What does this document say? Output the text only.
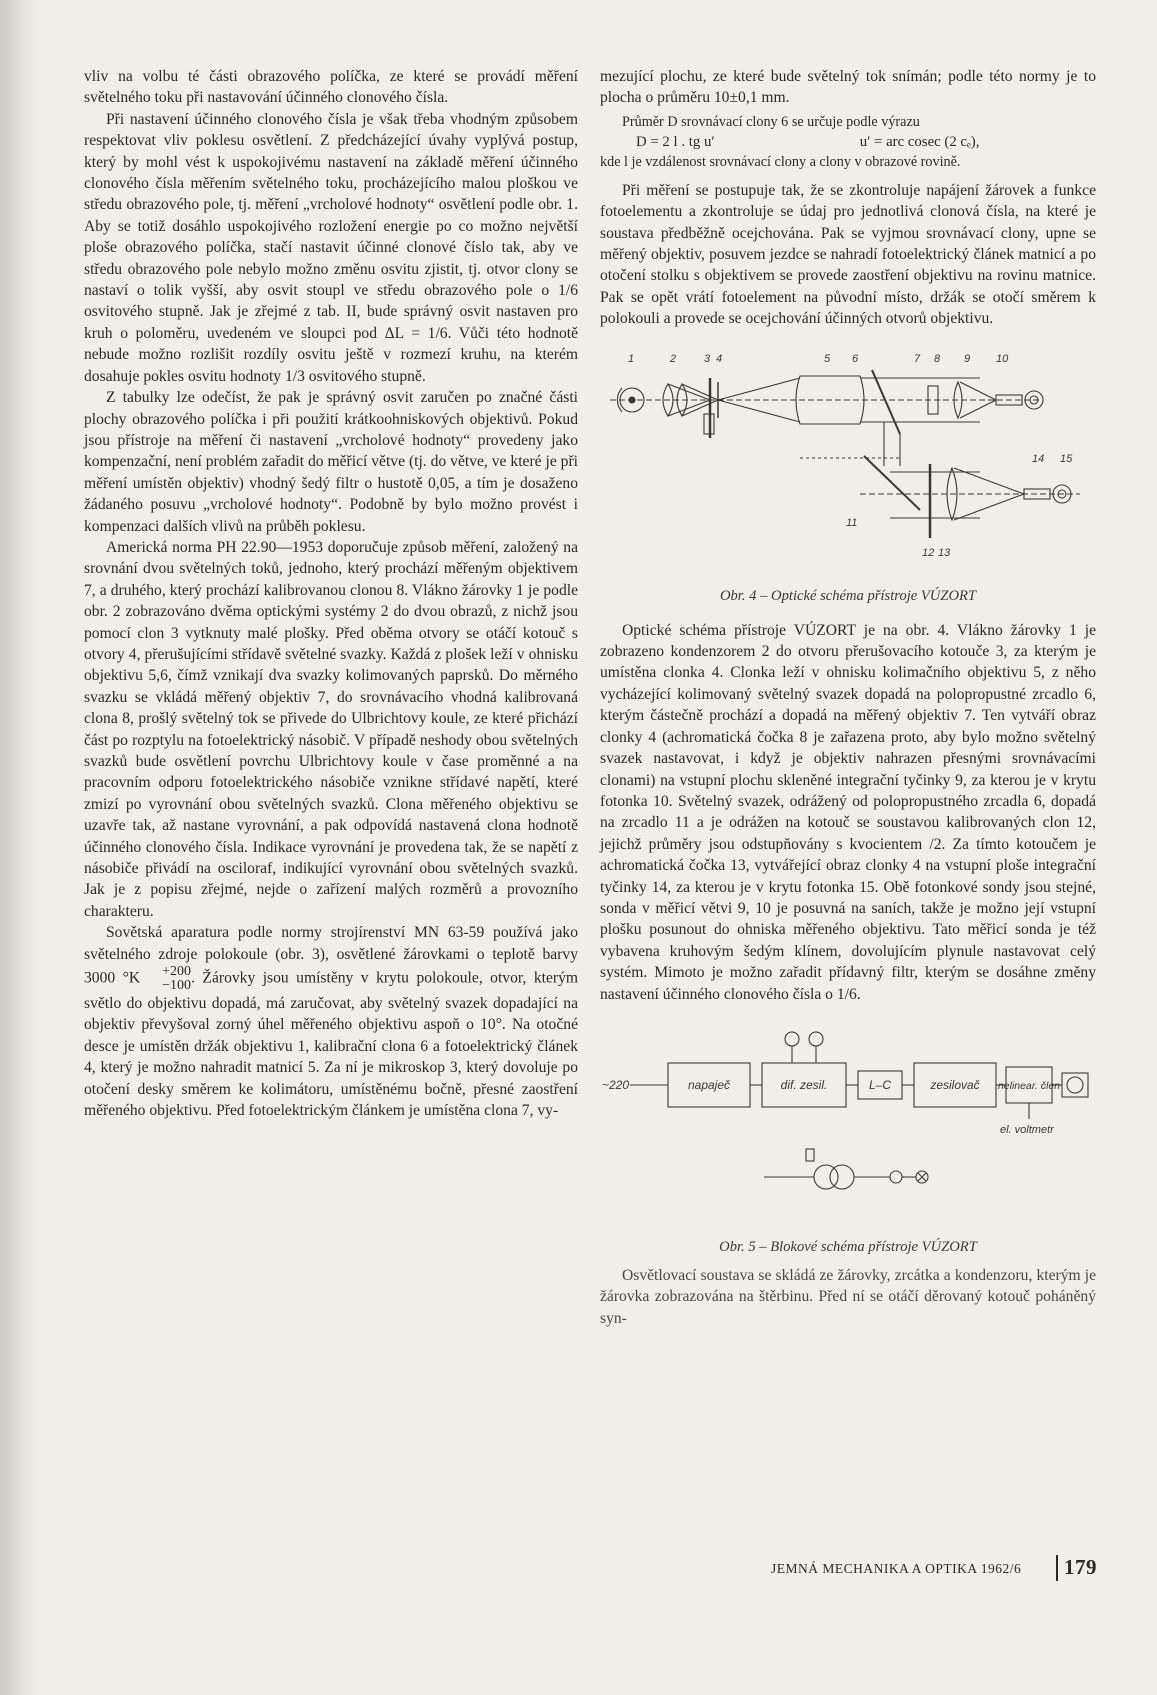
vliv na volbu té části obrazového políčka, ze které se provádí měření světelného toku při nastavování účinného clonového čísla.

Při nastavení účinného clonového čísla je však třeba vhodným způsobem respektovat vliv poklesu osvětlení. Z předcházející úvahy vyplývá postup, který by mohl vést k uspokojivému nastavení na základě měření účinného clonového čísla měřením světelného toku, procházejícího malou ploškou ve středu obrazového pole, tj. měření „vrcholové hodnoty“ osvětlení podle obr. 1. Aby se totiž dosáhlo uspokojivého rozložení energie po co možno největší ploše obrazového políčka, stačí nastavit účinné clonové číslo tak, aby ve středu obrazového pole nebylo možno změnu osvitu zjistit, tj. otvor clony se nastaví o tolik vyšší, aby osvit stoupl ve středu obrazového pole o 1/6 osvitového stupně. Jak je zřejmé z tab. II, bude správný osvit nastaven pro kruh o poloměru, uvedeném ve sloupci pod ΔL = 1/6. Vůči této hodnotě nebude možno rozlišit rozdíly osvitu ještě v rozmezí kruhu, na kterém dosahuje pokles osvitu hodnoty 1/3 osvitového stupně.

Z tabulky lze odečíst, že pak je správný osvit zaručen po značné části plochy obrazového políčka i při použití krátkoohniskových objektivů. Pokud jsou přístroje na měření či nastavení „vrcholové hodnoty“ provedeny jako kompenzační, není problém zařadit do měřicí větve (tj. do větve, ve které je při měření umístěn objektiv) vhodný šedý filtr o hustotě 0,05, a tím je dosaženo žádaného posuvu „vrcholové hodnoty“. Podobně by bylo možno provést i kompenzaci dalších vlivů na průběh poklesu.

Americká norma PH 22.90—1953 doporučuje způsob měření, založený na srovnání dvou světelných toků, jednoho, který prochází měřeným objektivem 7, a druhého, který prochází kalibrovanou clonou 8. Vlákno žárovky 1 je podle obr. 2 zobrazováno dvěma optickými systémy 2 do dvou obrazů, z nichž jsou pomocí clon 3 vytknuty malé plošky. Před oběma otvory se otáčí kotouč s otvory 4, přerušujícími střídavě světelné svazky. Každá z plošek leží v ohnisku objektivu 5,6, čímž vznikají dva svazky kolimovaných paprsků. Do měrného svazku se vkládá měřený objektiv 7, do srovnávacího vhodná kalibrovaná clona 8, prošlý světelný tok se přivede do Ulbrichtovy koule, ze které přichází část po rozptylu na fotoelektrický násobič. V případě neshody obou světelných svazků bude osvětlení povrchu Ulbrichtovy koule v čase proměnné a na pracovním odporu fotoelektrického násobiče vznikne střídavé napětí, které zmizí po vyrovnání obou světelných svazků. Clona měřeného objektivu se uzavře tak, až nastane vyrovnání, a pak odpovídá nastavená clona hodnotě účinného clonového čísla. Indikace vyrovnání je provedena tak, že se napětí z násobiče přivádí na osciloraf, indikující vyrovnání obou světelných svazků. Jak je z popisu zřejmé, nejde o zařízení malých rozměrů a provozního charakteru.

Sovětská aparatura podle normy strojírenství MN 63-59 používá jako světelného zdroje polokoule (obr. 3), osvětlené žárovkami o teplotě barvy 3000 °K	+200
−100 . Žárovky jsou umístěny v krytu polokoule, otvor, kterým světlo do objektivu dopadá, má zaručovat, aby světelný svazek dopadající na objektiv převyšoval zorný úhel měřeného objektivu aspoň o 10°. Na otočné desce je umístěn držák objektivu 1, kalibrační clona 6 a fotoelektrický článek 4, který je možno nahradit matnicí 5. Za ní je mikroskop 3, který dovoluje po otočení desky směrem ke kolimátoru, umístěnému bočně, přesné zaostření měřeného objektivu. Před fotoelektrickým článkem je umístěna clona 7, vy-

mezující plochu, ze které bude světelný tok snímán; podle této normy je to plocha o průměru 10±0,1 mm.

Průměr D srovnávací clony 6 se určuje podle výrazu

D = 2 l . tg u′	u′ = arc cosec (2 cₑ),

kde l je vzdálenost srovnávací clony a clony v obrazové rovině.

Při měření se postupuje tak, že se zkontroluje napájení žárovek a funkce fotoelementu a zkontroluje se údaj pro jednotlivá clonová čísla, na které je soustava předběžně ocejchována. Pak se vyjmou srovnávací clony, upne se měřený objektiv, posuvem jezdce se nahradí fotoelektrický článek matnicí a po otočení stolku s objektivem se provede zaostření objektivu na rovinu matnice. Pak se opět vrátí fotoelement na původní místo, držák se otočí směrem k polokouli a provede se ocejchování účinných otvorů objektivu.

1	2	3 4	5 6	7 8 9 10
11
12 13
14 15
Obr. 4 – Optické schéma přístroje VÚZORT

Optické schéma přístroje VÚZORT je na obr. 4. Vlákno žárovky 1 je zobrazeno kondenzorem 2 do otvoru přerušovacího kotouče 3, za kterým je umístěna clonka 4. Clonka leží v ohnisku kolimačního objektivu 5, z něho vycházející kolimovaný světelný svazek dopadá na polopropustné zrcadlo 6, kterým částečně prochází a dopadá na měřený objektiv 7. Ten vytváří obraz clonky 4 (achromatická čočka 8 je zařazena proto, aby bylo možno světelný svazek nastavovat, i když je objektiv nahrazen přesnými srovnávacími clonami) na vstupní plochu skleněné integrační tyčinky 9, za kterou je v krytu fotonka 10. Světelný svazek, odrážený od polopropustného zrcadla 6, dopadá na zrcadlo 11 a je odrážen na kotouč se soustavou kalibrovaných clon 12, jejichž průměry jsou odstupňovány s kvocientem /2. Za tímto kotoučem je achromatická čočka 13, vytvářející obraz clonky 4 na vstupní ploše integrační tyčinky 14, za kterou je v krytu fotonka 15. Obě fotonkové sondy jsou stejné, sonda v měřicí větvi 9, 10 je posuvná na saních, takže je možno její vstupní plošku posunout do ohniska měřeného objektivu. Tato měřicí sonda je též vybavena kruhovým šedým klínem, dovolujícím plynule nastavovat celý systém. Mimoto je možno zařadit přídavný filtr, kterým se dosáhne změny nastavení účinného clonového čísla o 1/6.

~220	napaječ	dif. zesil.	L–C	zesilovač nelinear. člen
el. voltmetr
Obr. 5 – Blokové schéma přístroje VÚZORT

Osvětlovací soustava se skládá ze žárovky, zrcátka a kondenzoru, kterým je žárovka zobrazována na štěrbinu. Před ní se otáčí děrovaný kotouč poháněný syn-

JEMNÁ MECHANIKA A OPTIKA 1962/6 179
